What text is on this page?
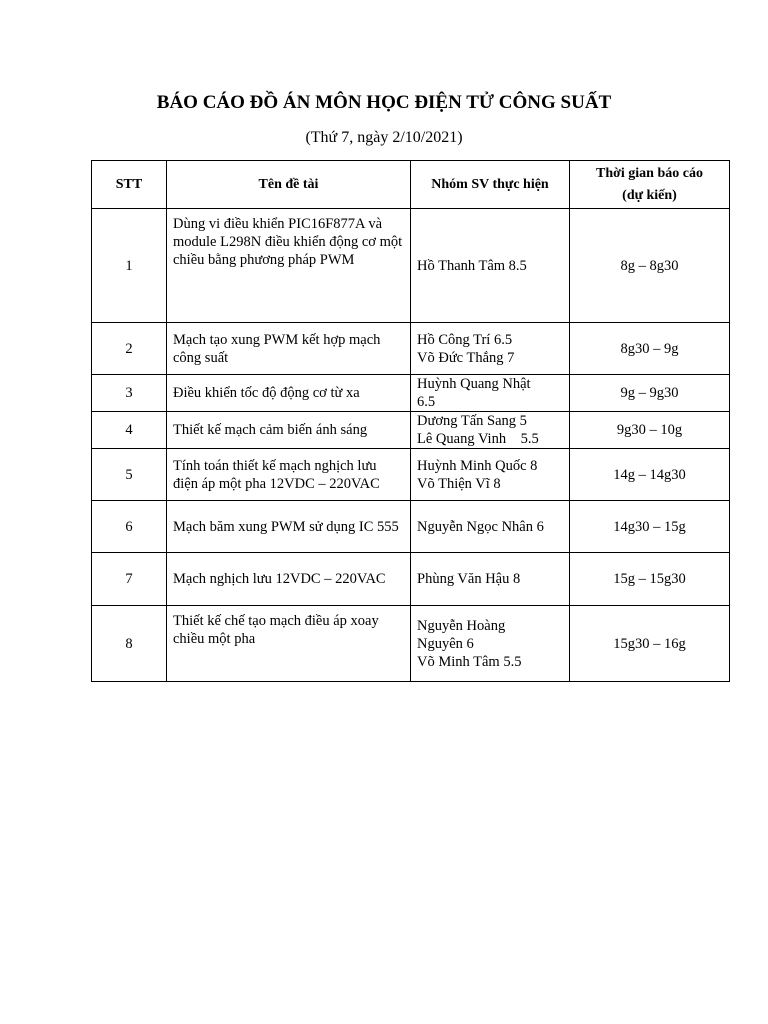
BÁO CÁO ĐỒ ÁN MÔN HỌC ĐIỆN TỬ CÔNG SUẤT

(Thứ 7, ngày 2/10/2021)

STT	Tên đề tài	Nhóm SV thực hiện	Thời gian báo cáo
(dự kiến)

1	Dùng vi điều khiển PIC16F877A và module L298N điều khiển động cơ một chiều bằng phương pháp PWM	Hồ Thanh Tâm 8.5	8g – 8g30
2	Mạch tạo xung PWM kết hợp mạch công suất	Hồ Công Trí 6.5
Võ Đức Thắng 7	8g30 – 9g
3	Điều khiển tốc độ động cơ từ xa	Huỳnh Quang Nhật
6.5	9g – 9g30
4	Thiết kế mạch cảm biến ánh sáng	Dương Tấn Sang 5
Lê Quang Vinh    5.5	9g30 – 10g
5	Tính toán thiết kế mạch nghịch lưu điện áp một pha 12VDC – 220VAC	Huỳnh Minh Quốc 8
Võ Thiện Vĩ 8	14g – 14g30
6	Mạch băm xung PWM sử dụng IC 555	Nguyễn Ngọc Nhân 6	14g30 – 15g
7	Mạch nghịch lưu 12VDC – 220VAC	Phùng Văn Hậu 8	15g – 15g30
8	Thiết kế chế tạo mạch điều áp xoay chiều một pha	Nguyễn Hoàng
Nguyên 6
Võ Minh Tâm 5.5	15g30 – 16g
